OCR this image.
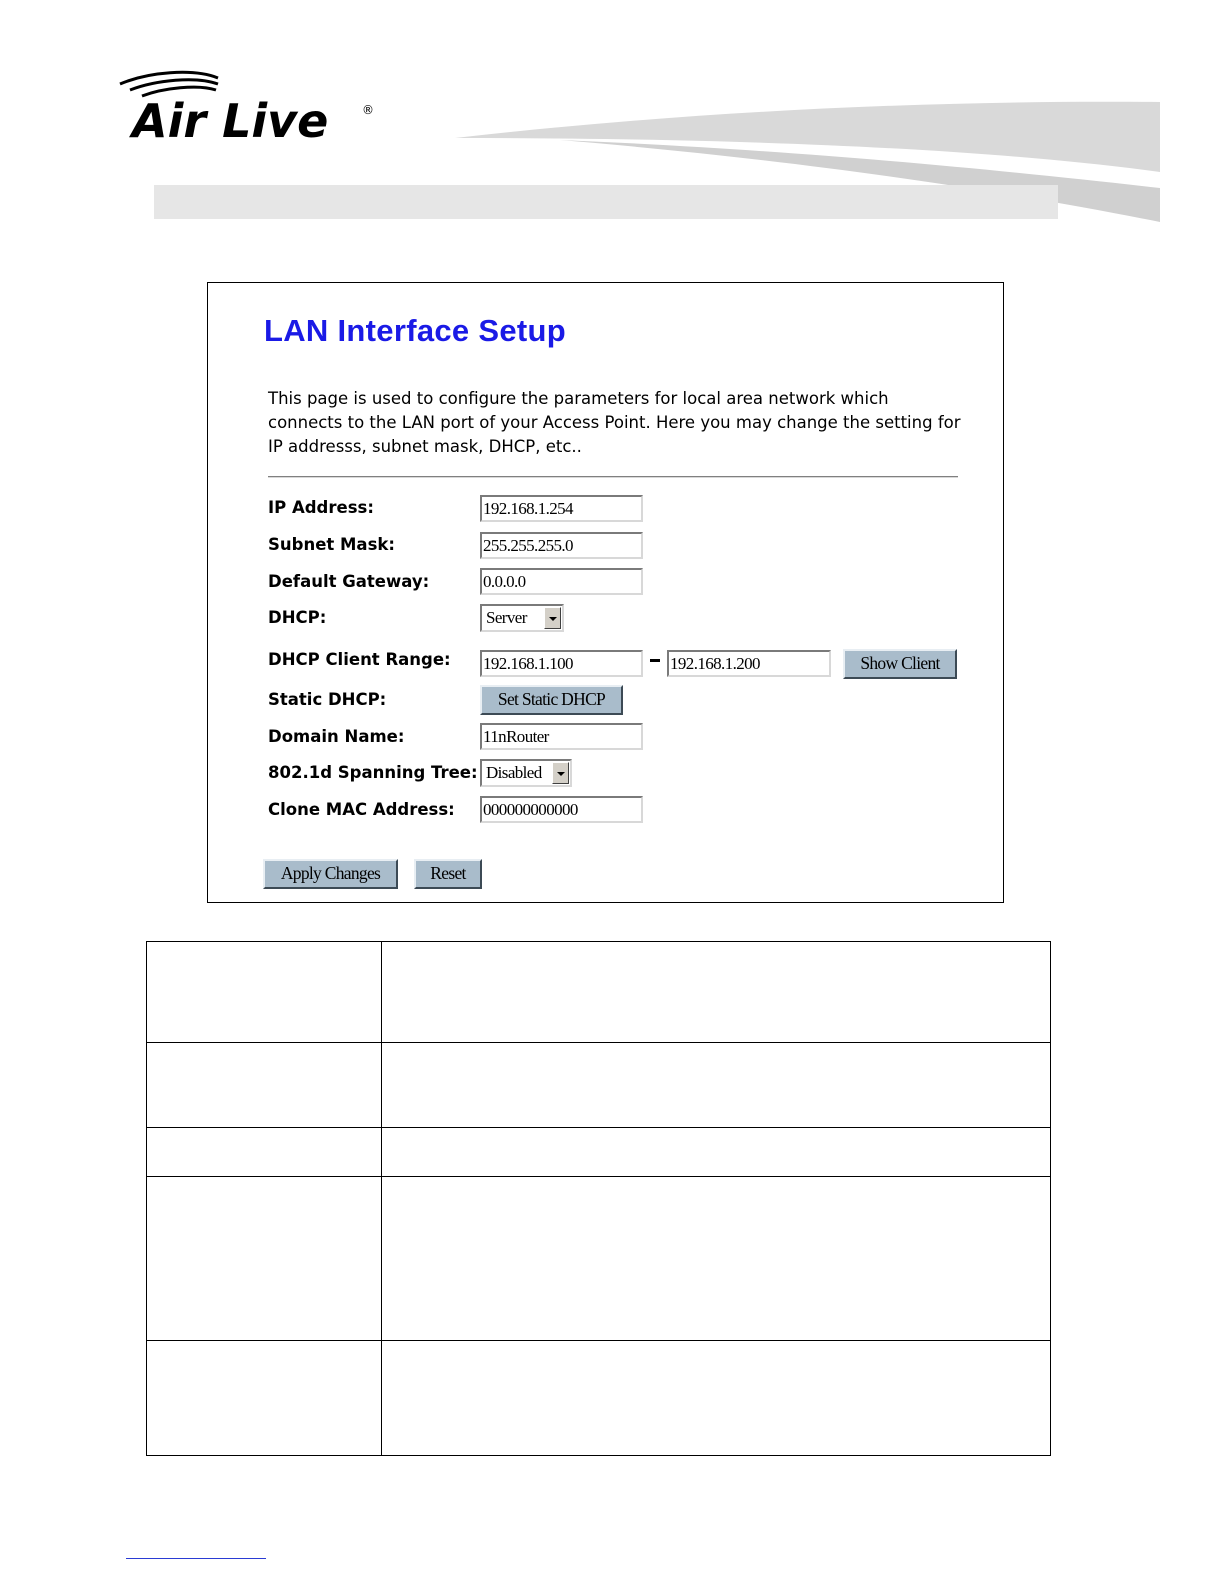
Air Live	®
LAN Interface Setup

This page is used to configure the parameters for local area network which connects to the LAN port of your Access Point. Here you may change the setting for IP addresss, subnet mask, DHCP, etc..

IP Address:	192.168.1.254
Subnet Mask:	255.255.255.0
Default Gateway:	0.0.0.0
DHCP:	Server
DHCP Client Range: 192.168.1.100	192.168.1.200	Show Client
Static DHCP:	Set Static DHCP
Domain Name:	11nRouter
802.1d Spanning Tree: Disabled
Clone MAC Address: 000000000000
Apply Changes	Reset
